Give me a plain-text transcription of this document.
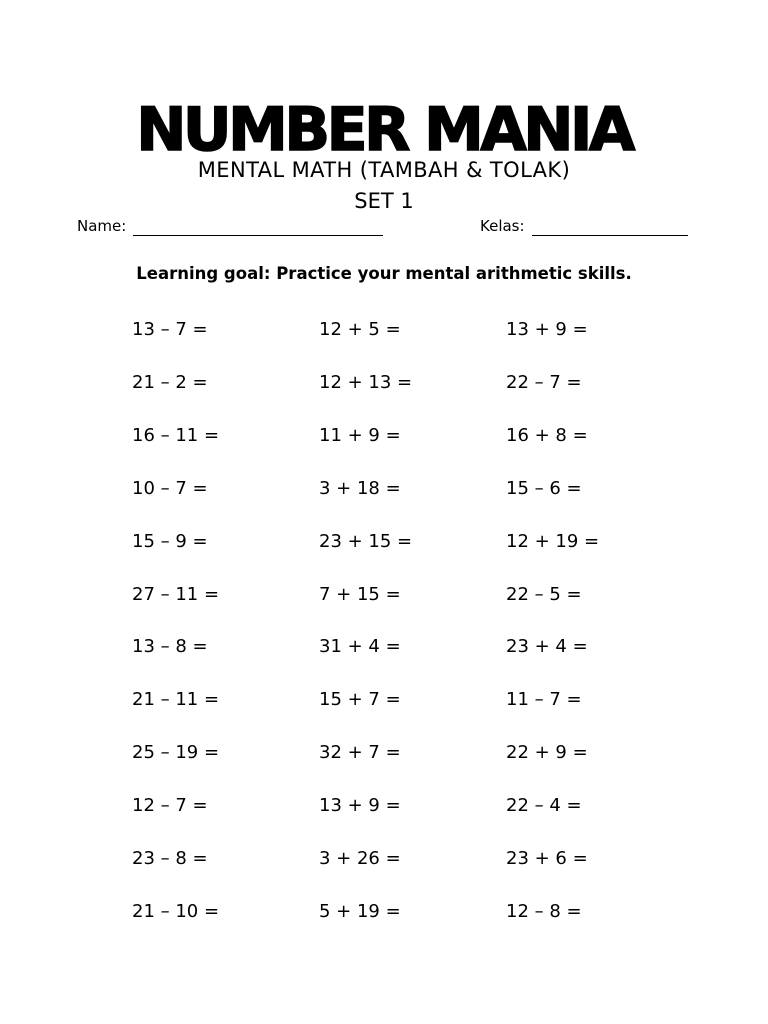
NUMBER MANIA
MENTAL MATH (TAMBAH & TOLAK)
SET 1
Name:	Kelas:
Learning goal: Practice your mental arithmetic skills.
13 – 7 =
21 – 2 =
16 – 11 =
10 – 7 =
15 – 9 =
27 – 11 =
13 – 8 =
21 – 11 =
25 – 19 =
12 – 7 =
23 – 8 =
21 – 10 =
12 + 5 =
12 + 13 =
11 + 9 =
3 + 18 =
23 + 15 =
7 + 15 =
31 + 4 =
15 + 7 =
32 + 7 =
13 + 9 =
3 + 26 =
5 + 19 =
13 + 9 =
22 – 7 =
16 + 8 =
15 – 6 =
12 + 19 =
22 – 5 =
23 + 4 =
11 – 7 =
22 + 9 =
22 – 4 =
23 + 6 =
12 – 8 =
